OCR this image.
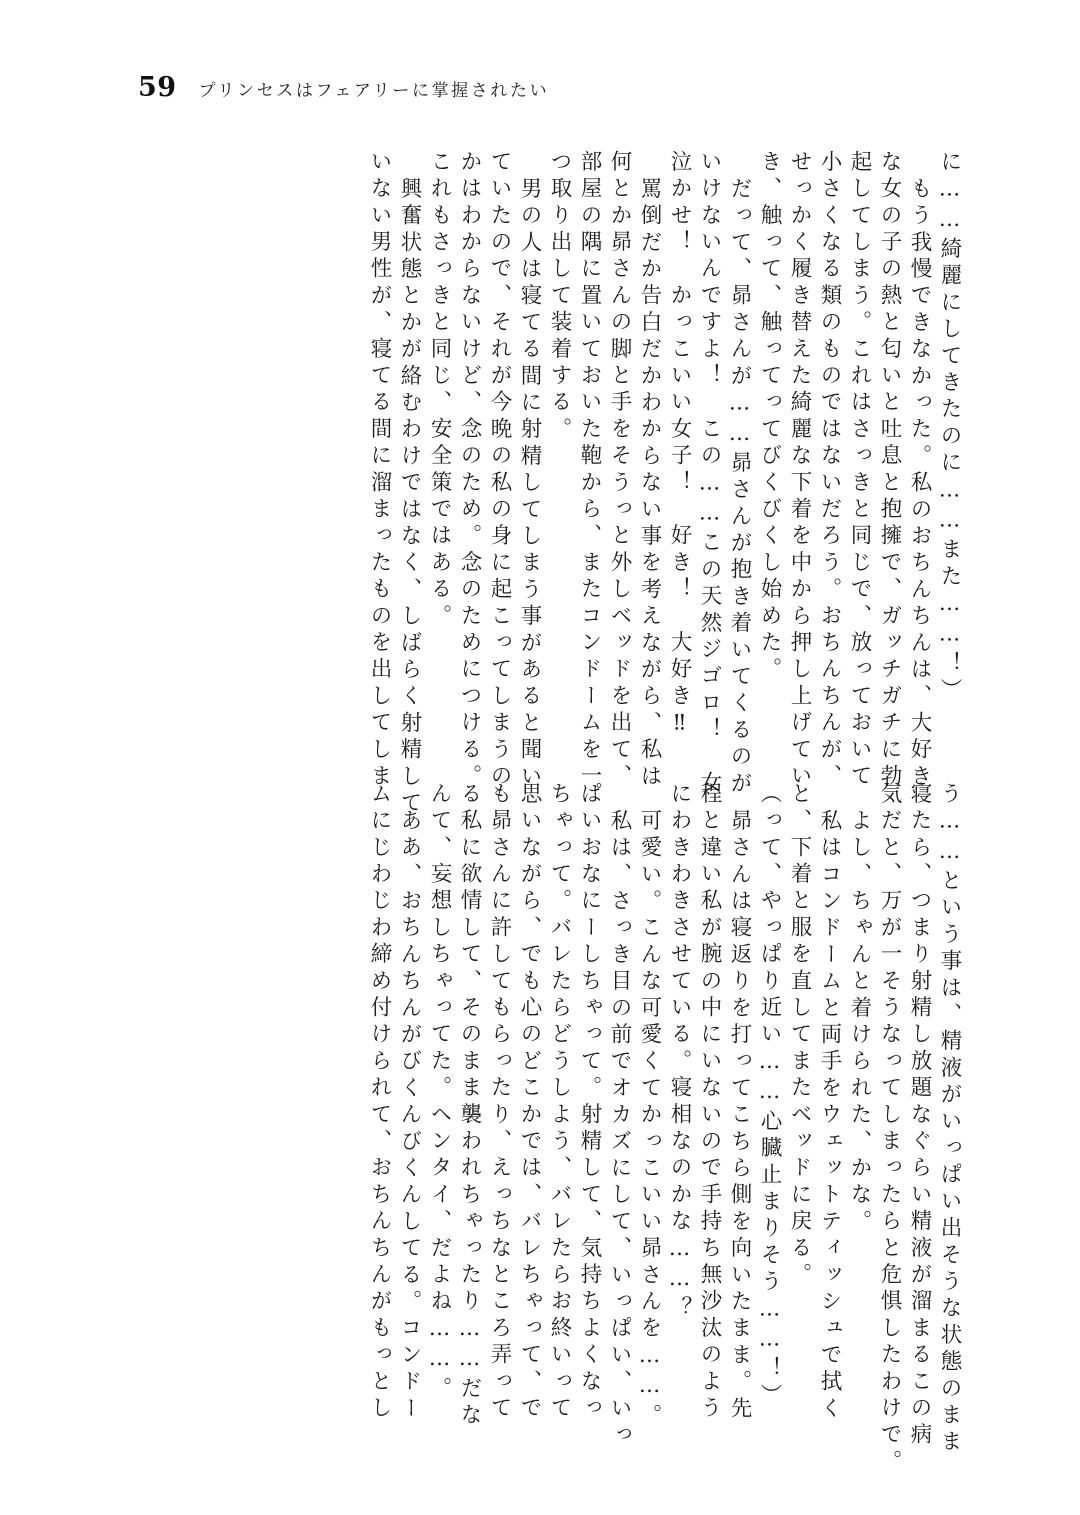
59 プリンセスはフェアリーに掌握されたい
に……綺麗にしてきたのに……また……！）
もう我慢できなかった。私のおちんちんは、大好き
な女の子の熱と匂いと吐息と抱擁で、ガッチガチに勃
起してしまう。これはさっきと同じで、放っておいて
小さくなる類のものではないだろう。おちんちんが、
せっかく履き替えた綺麗な下着を中から押し上げてい
き、触って、触ってってびくびくし始めた。
だって、昴さんが……昴さんが抱き着いてくるのが
いけないんですよ！　この……この天然ジゴロ！　女
泣かせ！　かっこいい女子！　好き！　大好き‼
罵倒だか告白だかわからない事を考えながら、私は
何とか昴さんの脚と手をそうっと外しベッドを出て、
部屋の隅に置いておいた鞄から、またコンドームを一
つ取り出して装着する。
男の人は寝てる間に射精してしまう事があると聞い
ていたので、それが今晩の私の身に起こってしまうの
かはわからないけど、念のため。念のためにつける。
これもさっきと同じ、安全策ではある。
興奮状態とかが絡むわけではなく、しばらく射精して
いない男性が、寝てる間に溜まったものを出してしま
う……という事は、精液がいっぱい出そうな状態のまま
寝たら、つまり射精し放題なぐらい精液が溜まるこの病
気だと、万が一そうなってしまったらと危惧したわけで。
よし、ちゃんと着けられた、かな。
私はコンドームと両手をウェットティッシュで拭く
と、下着と服を直してまたベッドに戻る。
（って、やっぱり近い……心臓止まりそう……！）
昴さんは寝返りを打ってこちら側を向いたまま。先
程と違い私が腕の中にいないので手持ち無沙汰のよう
にわきわきさせている。寝相なのかな……？
可愛い。こんな可愛くてかっこいい昴さんを……。
私は、さっき目の前でオカズにして、いっぱい、いっ
ぱいおなにーしちゃって。射精して、気持ちよくなっ
ちゃって。バレたらどうしよう、バレたらお終いって
思いながら、でも心のどこかでは、バレちゃって、で
も昴さんに許してもらったり、えっちなところ弄って
る私に欲情して、そのまま襲われちゃったり……だな
んて、妄想しちゃってた。ヘンタイ、だよね……。
ああ、おちんちんがびくんびくんしてる。コンドー
ムにじわじわ締め付けられて、おちんちんがもっとし
